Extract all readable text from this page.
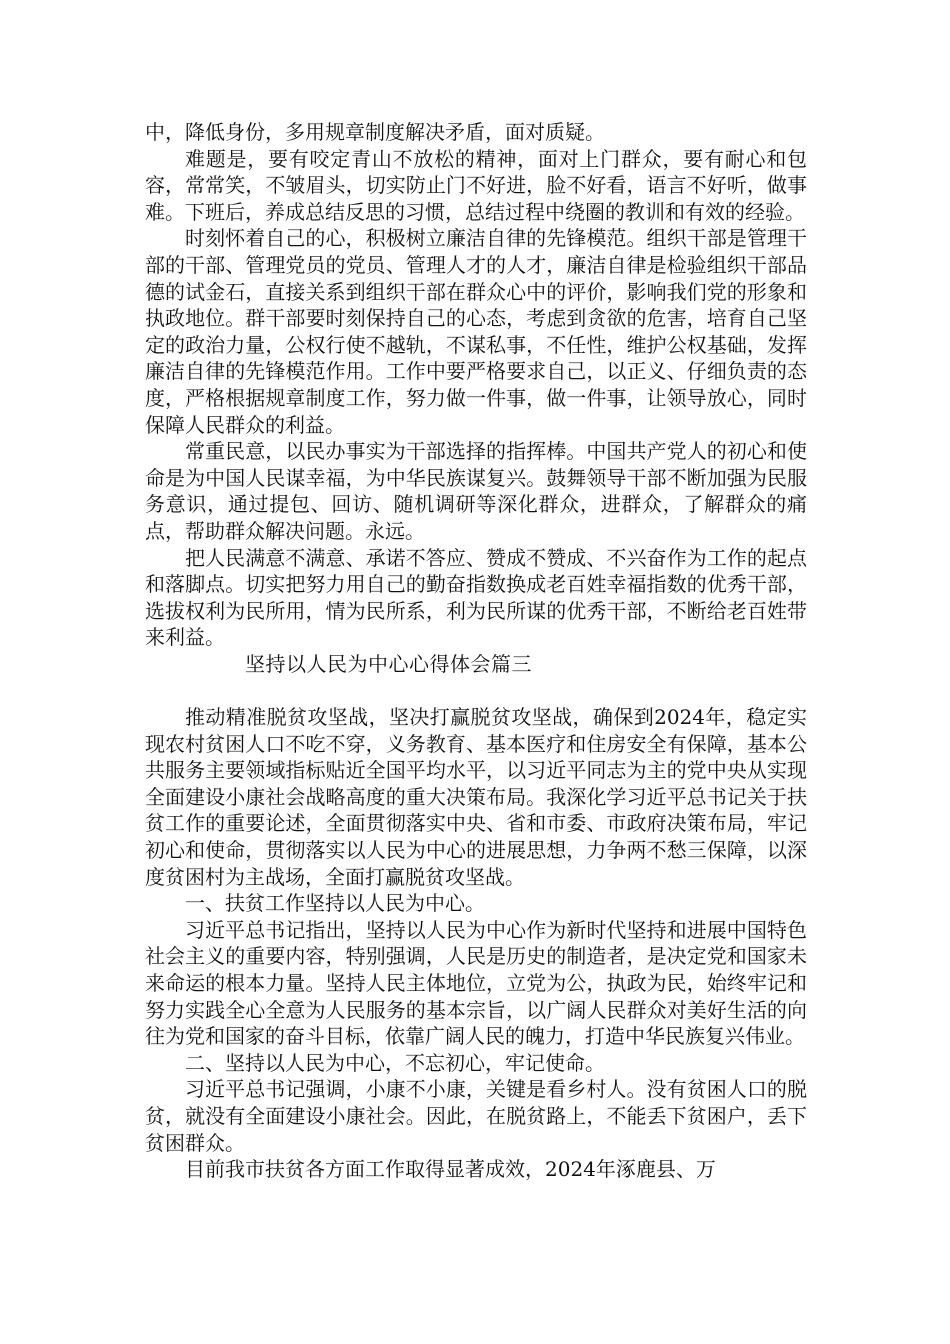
中，降低身份，多用规章制度解决矛盾，面对质疑。

难题是，要有咬定青山不放松的精神，面对上门群众，要有耐心和包容，常常笑，不皱眉头，切实防止门不好进，脸不好看，语言不好听，做事难。下班后，养成总结反思的习惯，总结过程中绕圈的教训和有效的经验。

时刻怀着自己的心，积极树立廉洁自律的先锋模范。组织干部是管理干部的干部、管理党员的党员、管理人才的人才，廉洁自律是检验组织干部品德的试金石，直接关系到组织干部在群众心中的评价，影响我们党的形象和执政地位。群干部要时刻保持自己的心态，考虑到贪欲的危害，培育自己坚定的政治力量，公权行使不越轨，不谋私事，不任性，维护公权基础，发挥廉洁自律的先锋模范作用。工作中要严格要求自己，以正义、仔细负责的态度，严格根据规章制度工作，努力做一件事，做一件事，让领导放心，同时保障人民群众的利益。

常重民意，以民办事实为干部选择的指挥棒。中国共产党人的初心和使命是为中国人民谋幸福，为中华民族谋复兴。鼓舞领导干部不断加强为民服务意识，通过提包、回访、随机调研等深化群众，进群众，了解群众的痛点，帮助群众解决问题。永远。

把人民满意不满意、承诺不答应、赞成不赞成、不兴奋作为工作的起点和落脚点。切实把努力用自己的勤奋指数换成老百姓幸福指数的优秀干部，选拔权利为民所用，情为民所系，利为民所谋的优秀干部，不断给老百姓带来利益。

坚持以人民为中心心得体会篇三

推动精准脱贫攻坚战，坚决打赢脱贫攻坚战，确保到2024年，稳定实现农村贫困人口不吃不穿，义务教育、基本医疗和住房安全有保障，基本公共服务主要领域指标贴近全国平均水平，以习近平同志为主的党中央从实现全面建设小康社会战略高度的重大决策布局。我深化学习近平总书记关于扶贫工作的重要论述，全面贯彻落实中央、省和市委、市政府决策布局，牢记初心和使命，贯彻落实以人民为中心的进展思想，力争两不愁三保障，以深度贫困村为主战场，全面打赢脱贫攻坚战。

一、扶贫工作坚持以人民为中心。

习近平总书记指出，坚持以人民为中心作为新时代坚持和进展中国特色社会主义的重要内容，特别强调，人民是历史的制造者，是决定党和国家未来命运的根本力量。坚持人民主体地位，立党为公，执政为民，始终牢记和努力实践全心全意为人民服务的基本宗旨，以广阔人民群众对美好生活的向往为党和国家的奋斗目标，依靠广阔人民的魄力，打造中华民族复兴伟业。

二、坚持以人民为中心，不忘初心，牢记使命。

习近平总书记强调，小康不小康，关键是看乡村人。没有贫困人口的脱贫，就没有全面建设小康社会。因此，在脱贫路上，不能丢下贫困户，丢下贫困群众。

目前我市扶贫各方面工作取得显著成效，2024年涿鹿县、万
